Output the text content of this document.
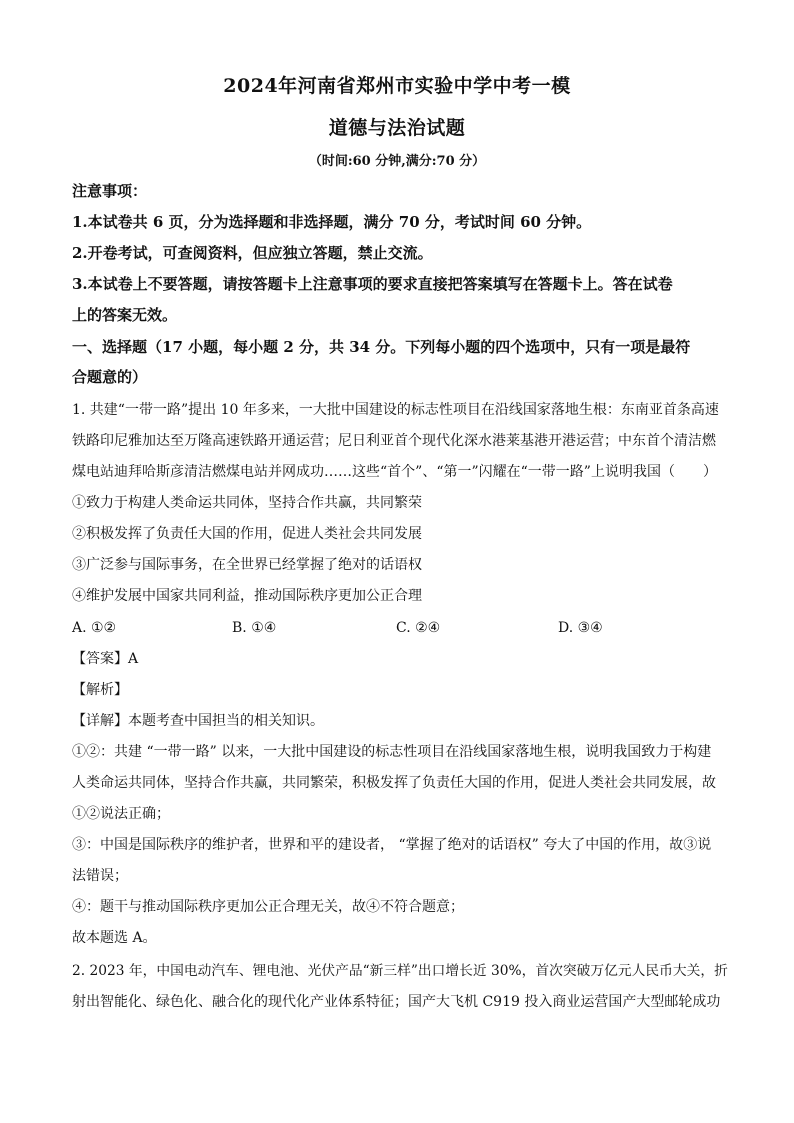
2024年河南省郑州市实验中学中考一模
道德与法治试题
（时间:60 分钟,满分:70 分）
注意事项：
1.本试卷共 6 页，分为选择题和非选择题，满分 70 分，考试时间 60 分钟。
2.开卷考试，可查阅资料，但应独立答题，禁止交流。
3.本试卷上不要答题，请按答题卡上注意事项的要求直接把答案填写在答题卡上。答在试卷
上的答案无效。
一、选择题（17 小题，每小题 2 分，共 34 分。下列每小题的四个选项中，只有一项是最符
合题意的）
1. 共建“一带一路”提出 10 年多来，一大批中国建设的标志性项目在沿线国家落地生根：东南亚首条高速
铁路印尼雅加达至万隆高速铁路开通运营；尼日利亚首个现代化深水港莱基港开港运营；中东首个清洁燃
煤电站迪拜哈斯彦清洁燃煤电站并网成功……这些“首个”、“第一”闪耀在“一带一路”上说明我国（　　）
①致力于构建人类命运共同体，坚持合作共赢，共同繁荣
②积极发挥了负责任大国的作用，促进人类社会共同发展
③广泛参与国际事务，在全世界已经掌握了绝对的话语权
④维护发展中国家共同利益，推动国际秩序更加公正合理
A. ①②	B. ①④	C. ②④	D. ③④
【答案】A
【解析】
【详解】本题考查中国担当的相关知识。
①②：共建 “一带一路” 以来，一大批中国建设的标志性项目在沿线国家落地生根，说明我国致力于构建
人类命运共同体，坚持合作共赢，共同繁荣，积极发挥了负责任大国的作用，促进人类社会共同发展，故
①②说法正确；
③：中国是国际秩序的维护者，世界和平的建设者， “掌握了绝对的话语权” 夸大了中国的作用，故③说
法错误；
④：题干与推动国际秩序更加公正合理无关，故④不符合题意；
故本题选 A。
2. 2023 年，中国电动汽车、锂电池、光伏产品“新三样”出口增长近 30%，首次突破万亿元人民币大关，折
射出智能化、绿色化、融合化的现代化产业体系特征；国产大飞机 C919 投入商业运营国产大型邮轮成功
